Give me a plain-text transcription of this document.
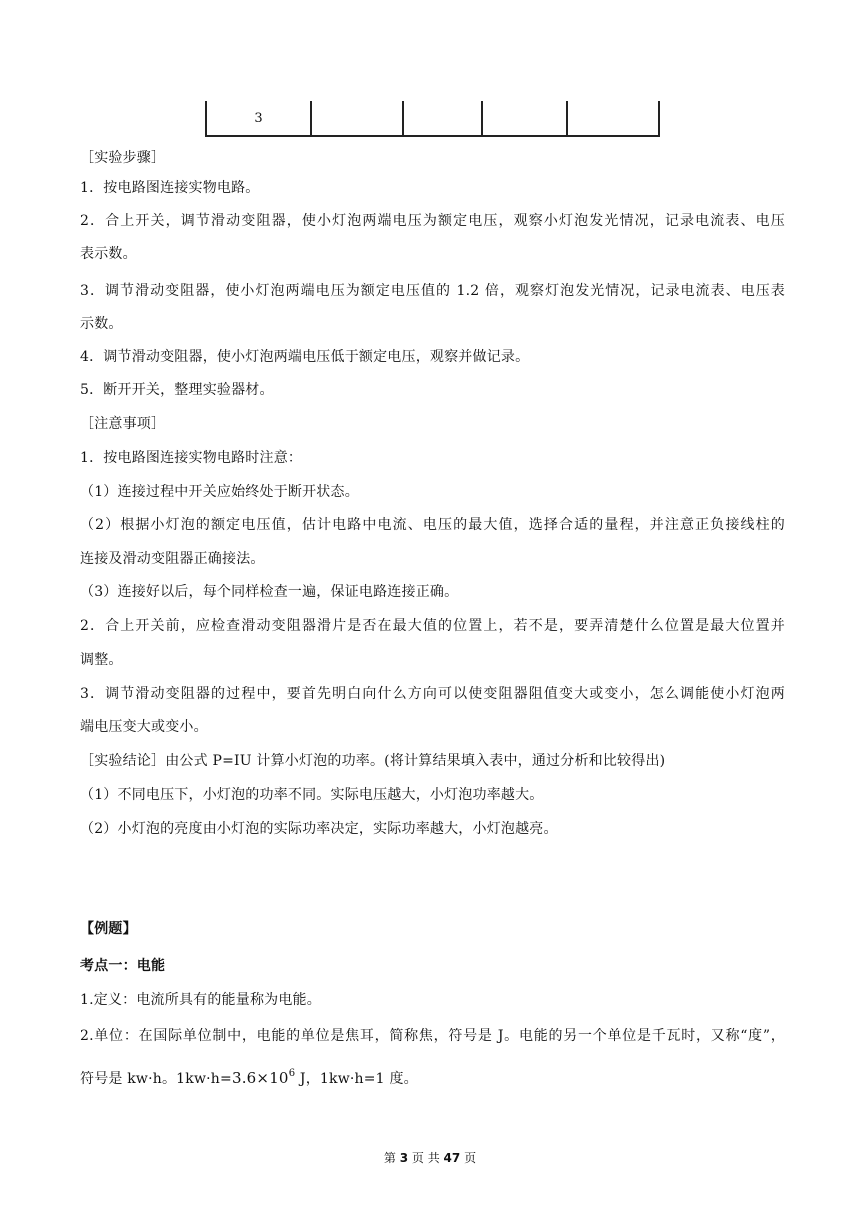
3				
［实验步骤］
1．按电路图连接实物电路。
2．合上开关，调节滑动变阻器，使小灯泡两端电压为额定电压，观察小灯泡发光情况，记录电流表、电压
表示数。
3．调节滑动变阻器，使小灯泡两端电压为额定电压值的 1.2 倍，观察灯泡发光情况，记录电流表、电压表
示数。
4．调节滑动变阻器，使小灯泡两端电压低于额定电压，观察并做记录。
5．断开开关，整理实验器材。
［注意事项］
1．按电路图连接实物电路时注意：
（1）连接过程中开关应始终处于断开状态。
（2）根据小灯泡的额定电压值，估计电路中电流、电压的最大值，选择合适的量程，并注意正负接线柱的
连接及滑动变阻器正确接法。
（3）连接好以后，每个同样检查一遍，保证电路连接正确。
2．合上开关前，应检查滑动变阻器滑片是否在最大值的位置上，若不是，要弄清楚什么位置是最大位置并
调整。
3．调节滑动变阻器的过程中，要首先明白向什么方向可以使变阻器阻值变大或变小，怎么调能使小灯泡两
端电压变大或变小。
［实验结论］由公式 P=IU 计算小灯泡的功率。(将计算结果填入表中，通过分析和比较得出)
（1）不同电压下，小灯泡的功率不同。实际电压越大，小灯泡功率越大。
（2）小灯泡的亮度由小灯泡的实际功率决定，实际功率越大，小灯泡越亮。
【例题】
考点一：电能
1.定义：电流所具有的能量称为电能。
2.单位：在国际单位制中，电能的单位是焦耳，简称焦，符号是 J。电能的另一个单位是千瓦时，又称“度”，
符号是 kw·h。$1kw\cdot h=3.6\times 10^6$ J，1kw·h=1 度。
第 3 页 共 47 页
